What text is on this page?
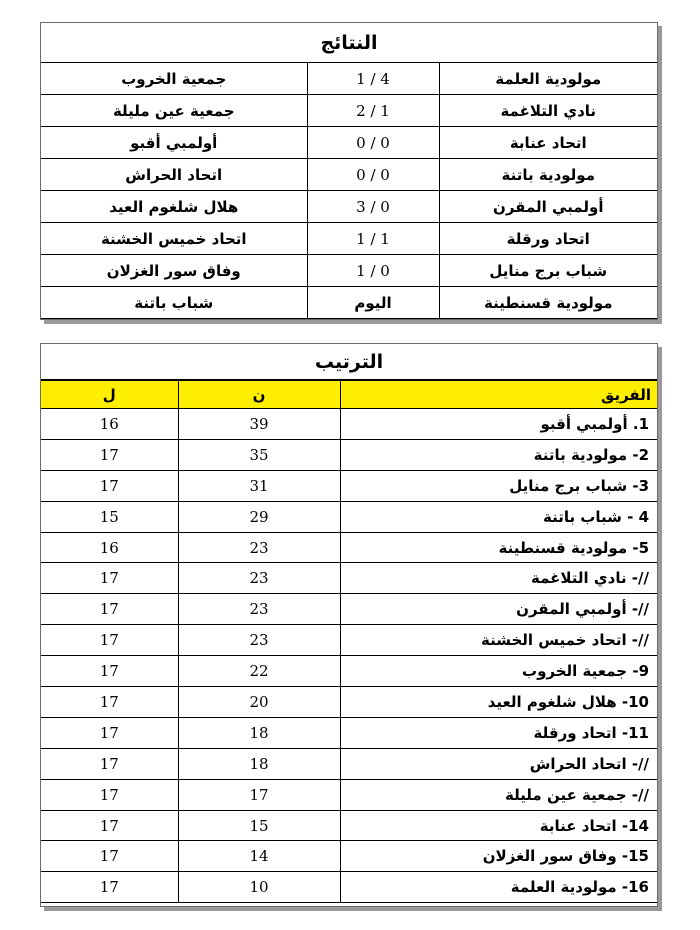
النتائج
مولودية العلمة	4 / 1	جمعية الخروب
نادي التلاغمة	1 / 2	جمعية عين مليلة
اتحاد عنابة	0 / 0	أولمبي أقبو
مولودية باتنة	0 / 0	اتحاد الحراش
أولمبي المقرن	0 / 3	هلال شلغوم العيد
اتحاد ورقلة	1 / 1	اتحاد خميس الخشنة
شباب برج منايل	0 / 1	وفاق سور الغزلان
مولودية قسنطينة	اليوم	شباب باتنة
الترتيب
ل	ن	الفريق
16	39	1. أولمبي أقبو
17	35	2- مولودية باتنة
17	31	3- شباب برج منايل
15	29	4 - شباب باتنة
16	23	5- مولودية قسنطينة
17	23	//- نادي التلاغمة
17	23	//- أولمبي المقرن
17	23	//- اتحاد خميس الخشنة
17	22	9- جمعية الخروب
17	20	10- هلال شلغوم العيد
17	18	11- اتحاد ورقلة
17	18	//- اتحاد الحراش
17	17	//- جمعية عين مليلة
17	15	14- اتحاد عنابة
17	14	15- وفاق سور الغزلان
17	10	16- مولودية العلمة
